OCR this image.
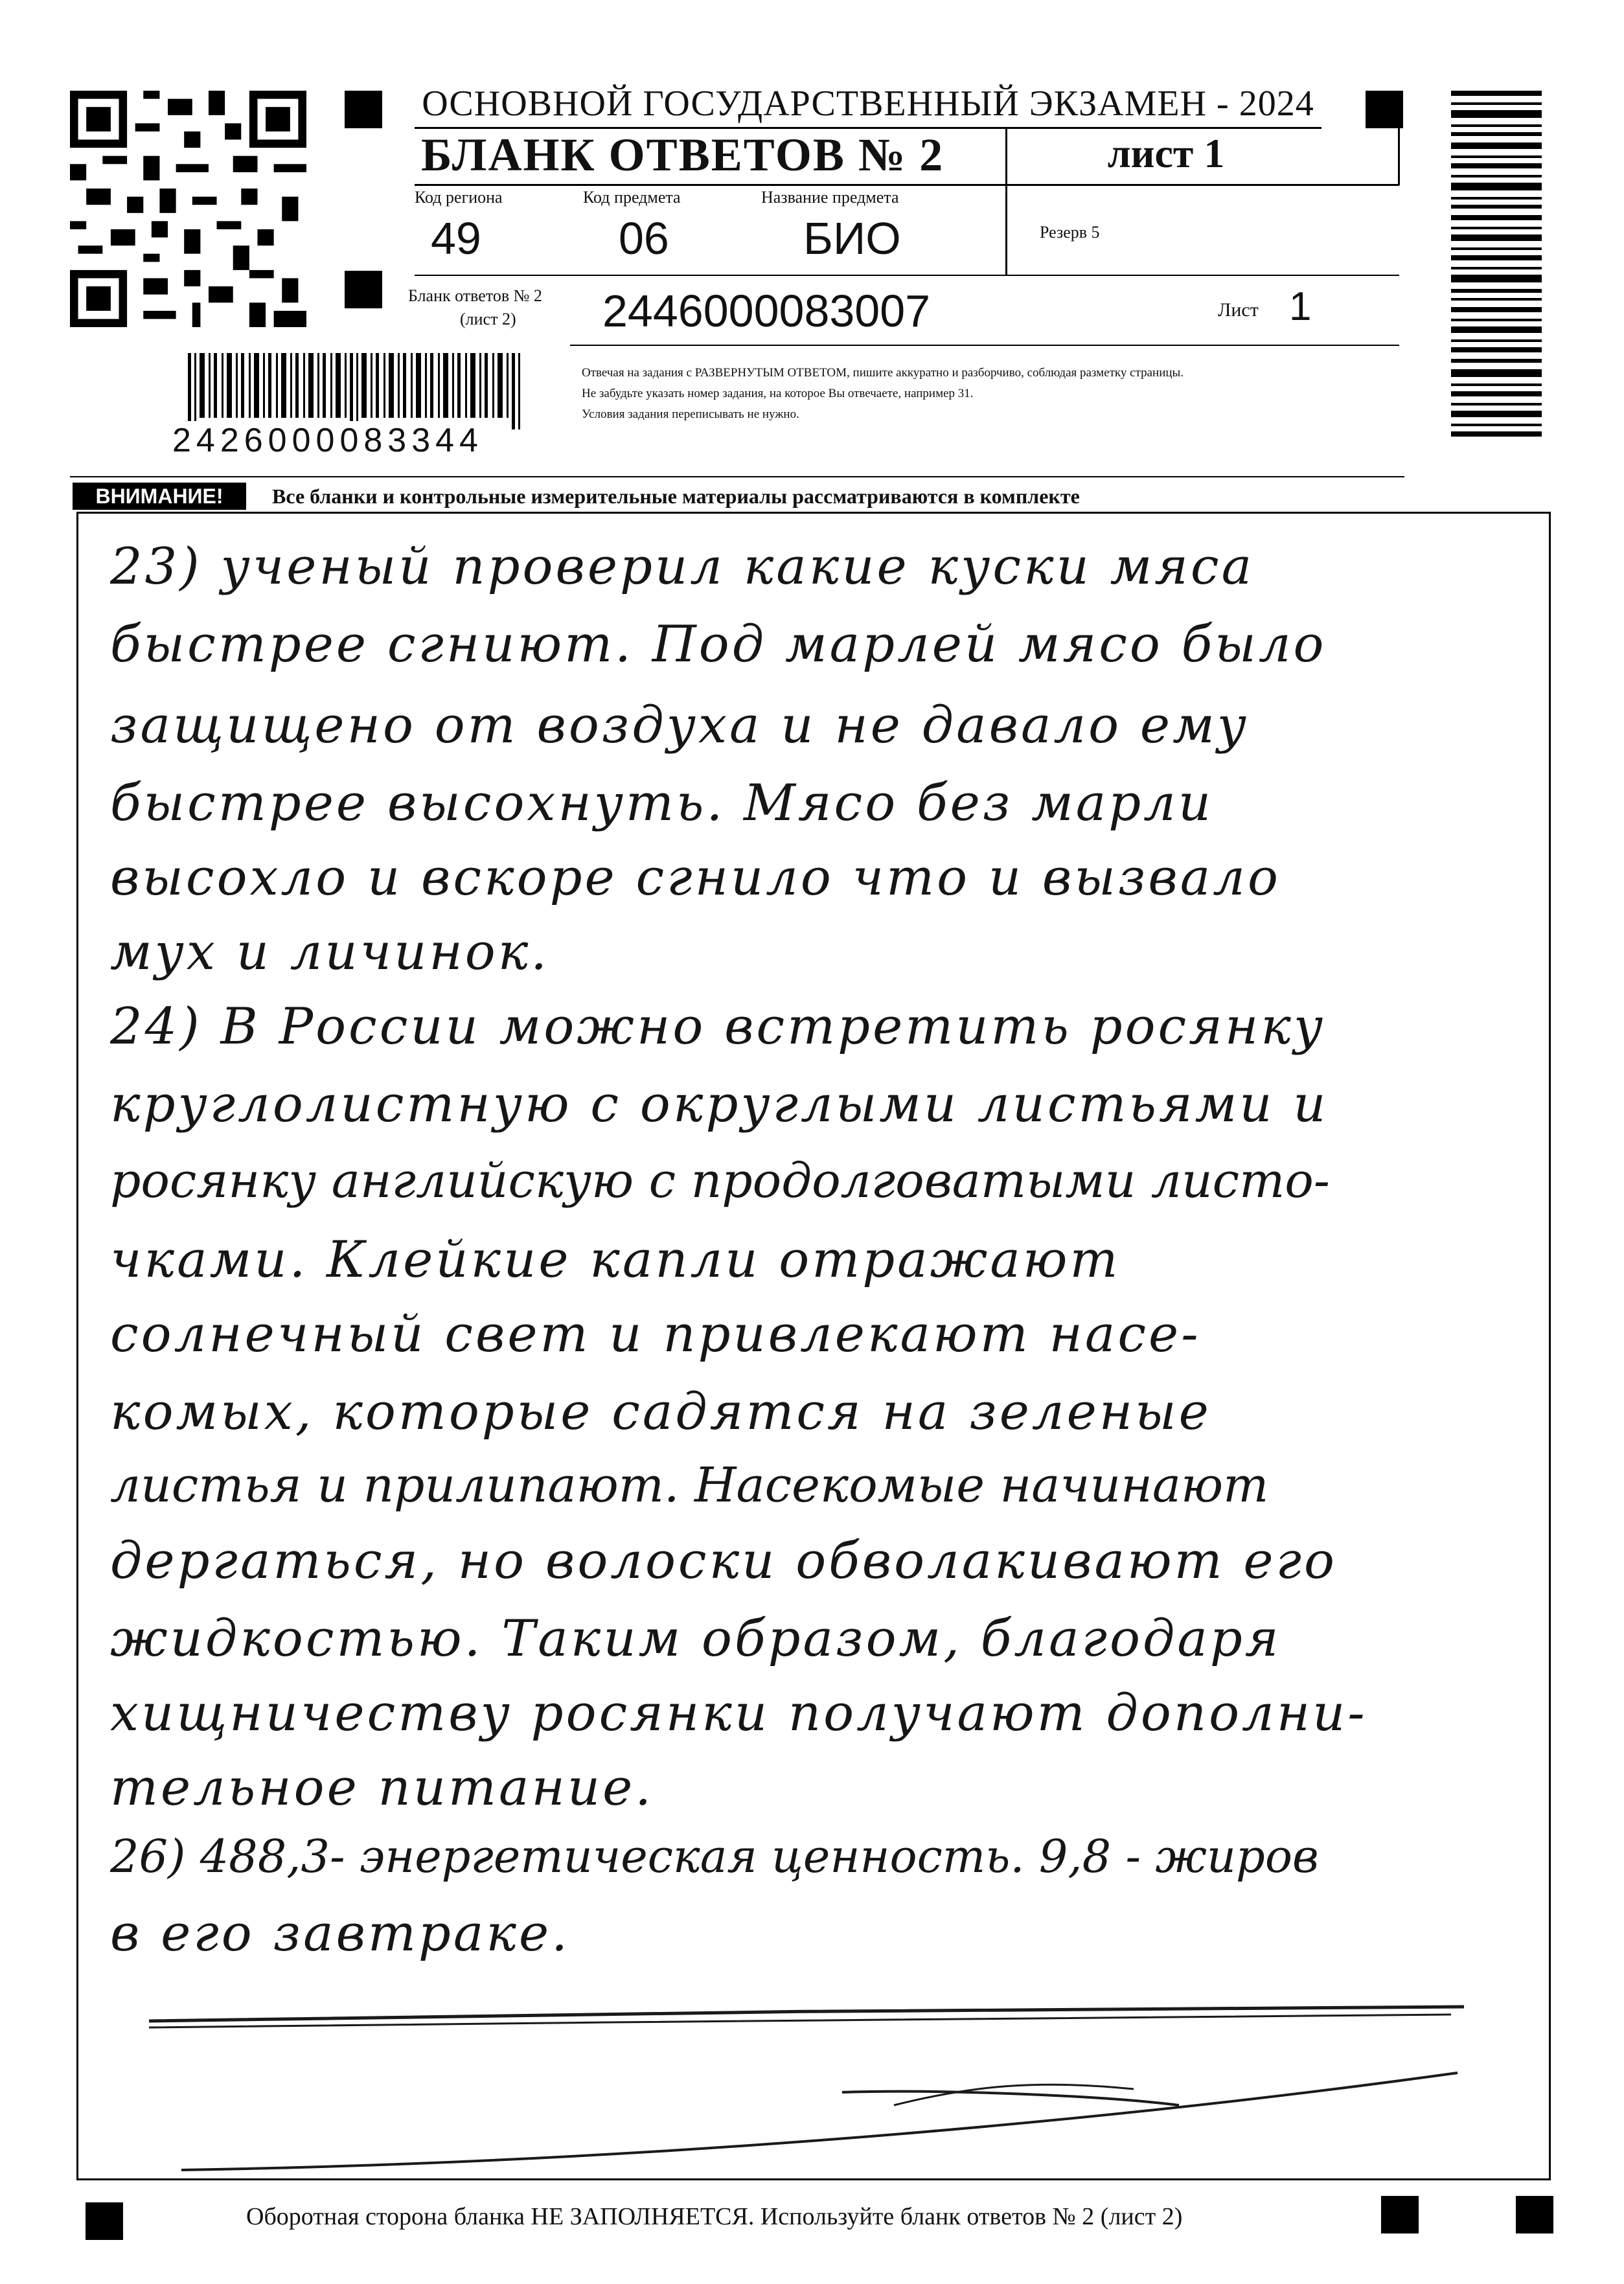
ОСНОВНОЙ ГОСУДАРСТВЕННЫЙ ЭКЗАМЕН - 2024
БЛАНК ОТВЕТОВ № 2	лист 1
Код региона	Код предмета	Название предмета
49	06	БИО	Резерв 5
Бланк ответов № 2
(лист 2) 2446000083007	Лист 1
2426000083344
Отвечая на задания с РАЗВЕРНУТЫМ ОТВЕТОМ, пишите аккуратно и разборчиво, соблюдая разметку страницы.
Не забудьте указать номер задания, на которое Вы отвечаете, например 31.
Условия задания переписывать не нужно.
ВНИМАНИЕ!	Все бланки и контрольные измерительные материалы рассматриваются в комплекте
23) ученый проверил какие куски мяса
быстрее сгниют. Под марлей мясо было
защищено от воздуха и не давало ему
быстрее высохнуть. Мясо без марли
высохло и вскоре сгнило что и вызвало
мух и личинок.
24) В России можно встретить росянку
круглолистную с округлыми листьями и
росянку английскую с продолговатыми листо-
чками. Клейкие капли отражают
солнечный свет и привлекают насе-
комых, которые садятся на зеленые
листья и прилипают. Насекомые начинают
дергаться, но волоски обволакивают его
жидкостью. Таким образом, благодаря
хищничеству росянки получают дополни-
тельное питание.
26) 488,3- энергетическая ценность. 9,8 - жиров
в его завтраке.
Оборотная сторона бланка НЕ ЗАПОЛНЯЕТСЯ. Используйте бланк ответов № 2 (лист 2)
